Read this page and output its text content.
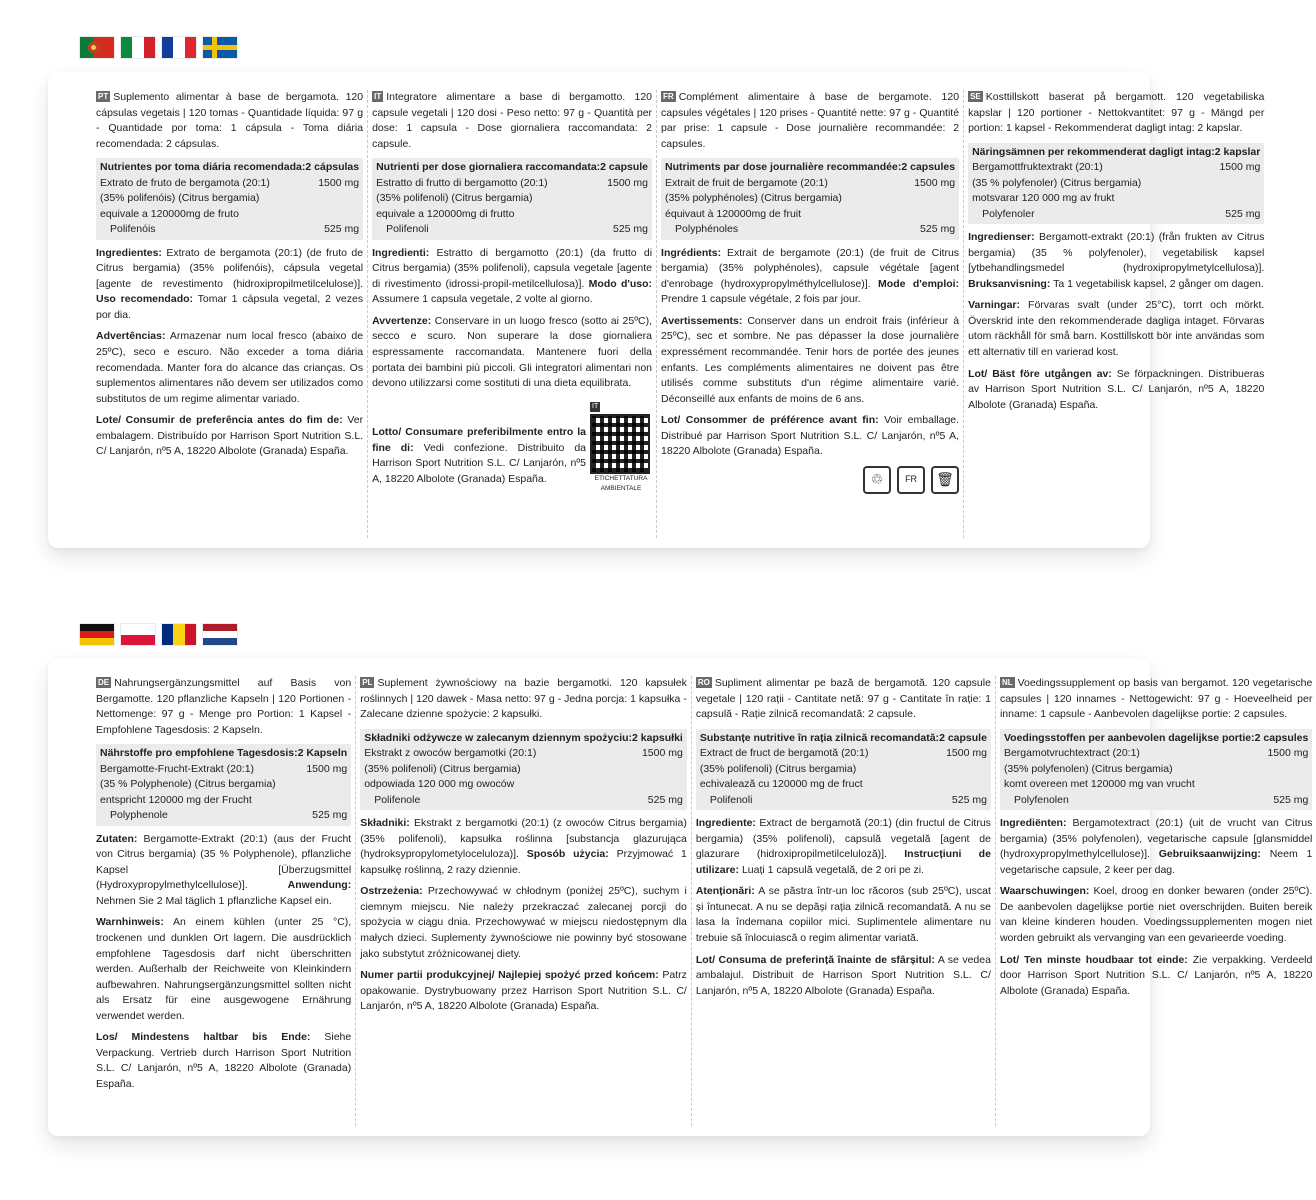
PT Suplemento alimentar à base de bergamota. 120 cápsulas vegetais | 120 tomas - Quantidade líquida: 97 g - Quantidade por toma: 1 cápsula - Toma diária recomendada: 2 cápsulas.
Nutrientes por toma diária recomendada: 2 cápsulas
Extrato de fruto de bergamota (20:1)	1500 mg
(35% polifenóis) (Citrus bergamia)
equivale a 120000mg de fruto
Polifenóis	525 mg
Ingredientes: Extrato de bergamota (20:1) (de fruto de Citrus bergamia) (35% polifenóis), cápsula vegetal [agente de revestimento (hidroxipropilmetilcelulose)]. Uso recomendado: Tomar 1 cápsula vegetal, 2 vezes por dia.
Advertências: Armazenar num local fresco (abaixo de 25ºC), seco e escuro. Não exceder a toma diária recomendada. Manter fora do alcance das crianças. Os suplementos alimentares não devem ser utilizados como substitutos de um regime alimentar variado.
Lote/ Consumir de preferência antes do fim de: Ver embalagem. Distribuído por Harrison Sport Nutrition S.L. C/ Lanjarón, nº5 A, 18220 Albolote (Granada) España.
IT Integratore alimentare a base di bergamotto. 120 capsule vegetali | 120 dosi - Peso netto: 97 g - Quantità per dose: 1 capsula - Dose giornaliera raccomandata: 2 capsule.
Nutrienti per dose giornaliera raccomandata: 2 capsule
Estratto di frutto di bergamotto (20:1)	1500 mg
(35% polifenoli) (Citrus bergamia)
equivale a 120000mg di frutto
Polifenoli	525 mg
Ingredienti: Estratto di bergamotto (20:1) (da frutto di Citrus bergamia) (35% polifenoli), capsula vegetale [agente di rivestimento (idrossi-propil-metilcellulosa)]. Modo d'uso: Assumere 1 capsula vegetale, 2 volte al giorno.
Avvertenze: Conservare in un luogo fresco (sotto ai 25ºC), secco e scuro. Non superare la dose giornaliera espressamente raccomandata. Mantenere fuori della portata dei bambini più piccoli. Gli integratori alimentari non devono utilizzarsi come sostituti di una dieta equilibrata.
Lotto/ Consumare preferibilmente entro la fine di: Vedi confezione. Distribuito da Harrison Sport Nutrition S.L. C/ Lanjarón, nº5 A, 18220 Albolote (Granada) España.
IT
ETICHETTATURA AMBIENTALE
FR Complément alimentaire à base de bergamote. 120 capsules végétales | 120 prises - Quantité nette: 97 g - Quantité par prise: 1 capsule - Dose journalière recommandée: 2 capsules.
Nutriments par dose journalière recommandée: 2 capsules
Extrait de fruit de bergamote (20:1)	1500 mg
(35% polyphénoles) (Citrus bergamia)
équivaut à 120000mg de fruit
Polyphénoles	525 mg
Ingrédients: Extrait de bergamote (20:1) (de fruit de Citrus bergamia) (35% polyphénoles), capsule végétale [agent d'enrobage (hydroxypropylméthylcellulose)]. Mode d'emploi: Prendre 1 capsule végétale, 2 fois par jour.
Avertissements: Conserver dans un endroit frais (inférieur à 25ºC), sec et sombre. Ne pas dépasser la dose journalière expressément recommandée. Tenir hors de portée des jeunes enfants. Les compléments alimentaires ne doivent pas être utilisés comme substituts d'un régime alimentaire varié. Déconseillé aux enfants de moins de 6 ans.
Lot/ Consommer de préférence avant fin: Voir emballage. Distribué par Harrison Sport Nutrition S.L. C/ Lanjarón, nº5 A, 18220 Albolote (Granada) España.
♲	FR	🗑
SE Kosttillskott baserat på bergamott. 120 vegetabiliska kapslar | 120 portioner - Nettokvantitet: 97 g - Mängd per portion: 1 kapsel - Rekommenderat dagligt intag: 2 kapslar.
Näringsämnen per rekommenderat dagligt intag: 2 kapslar
Bergamottfruktextrakt (20:1)	1500 mg
(35 % polyfenoler) (Citrus bergamia)
motsvarar 120 000 mg av frukt
Polyfenoler	525 mg
Ingredienser: Bergamott-extrakt (20:1) (från frukten av Citrus bergamia) (35 % polyfenoler), vegetabilisk kapsel [ytbehandlingsmedel (hydroxipropylmetylcellulosa)]. Bruksanvisning: Ta 1 vegetabilisk kapsel, 2 gånger om dagen.
Varningar: Förvaras svalt (under 25°C), torrt och mörkt. Överskrid inte den rekommenderade dagliga intaget. Förvaras utom räckhåll för små barn. Kosttillskott bör inte användas som ett alternativ till en varierad kost.
Lot/ Bäst före utgången av: Se förpackningen. Distribueras av Harrison Sport Nutrition S.L. C/ Lanjarón, nº5 A, 18220 Albolote (Granada) España.
DE Nahrungsergänzungsmittel auf Basis von Bergamotte. 120 pflanzliche Kapseln | 120 Portionen - Nettomenge: 97 g - Menge pro Portion: 1 Kapsel - Empfohlene Tagesdosis: 2 Kapseln.
Nährstoffe pro empfohlene Tagesdosis: 2 Kapseln
Bergamotte-Frucht-Extrakt (20:1)	1500 mg
(35 % Polyphenole) (Citrus bergamia)
entspricht 120000 mg der Frucht
Polyphenole	525 mg
Zutaten: Bergamotte-Extrakt (20:1) (aus der Frucht von Citrus bergamia) (35 % Polyphenole), pflanzliche Kapsel [Überzugsmittel (Hydroxypropylmethylcellulose)].	Anwendung: Nehmen Sie 2 Mal täglich 1 pflanzliche Kapsel ein.
Warnhinweis: An einem kühlen (unter 25 °C), trockenen und dunklen Ort lagern. Die ausdrücklich empfohlene Tagesdosis darf nicht überschritten werden. Außerhalb der Reichweite von Kleinkindern aufbewahren. Nahrungsergänzungsmittel sollten nicht als Ersatz für eine ausgewogene Ernährung verwendet werden.
Los/ Mindestens haltbar bis Ende: Siehe Verpackung. Vertrieb durch Harrison Sport Nutrition S.L. C/ Lanjarón, nº5 A, 18220 Albolote (Granada) España.
PL Suplement żywnościowy na bazie bergamotki. 120 kapsułek roślinnych | 120 dawek - Masa netto: 97 g - Jedna porcja: 1 kapsułka - Zalecane dzienne spożycie: 2 kapsułki.
Składniki odżywcze w zalecanym dziennym spożyciu: 2 kapsułki
Ekstrakt z owoców bergamotki (20:1)	1500 mg
(35% polifenoli) (Citrus bergamia)
odpowiada 120 000 mg owoców
Polifenole	525 mg
Składniki: Ekstrakt z bergamotki (20:1) (z owoców Citrus bergamia) (35% polifenoli), kapsułka roślinna [substancja glazurująca (hydroksypropylometyloceluloza)]. Sposób użycia: Przyjmować 1 kapsułkę roślinną, 2 razy dziennie.
Ostrzeżenia: Przechowywać w chłodnym (poniżej 25ºC), suchym i ciemnym miejscu. Nie należy przekraczać zalecanej porcji do spożycia w ciągu dnia. Przechowywać w miejscu niedostępnym dla małych dzieci. Suplementy żywnościowe nie powinny być stosowane jako substytut zróżnicowanej diety.
Numer partii produkcyjnej/ Najlepiej spożyć przed końcem: Patrz opakowanie. Dystrybuowany przez Harrison Sport Nutrition S.L. C/ Lanjarón, nº5 A, 18220 Albolote (Granada) España.
RO Supliment alimentar pe bază de bergamotă. 120 capsule vegetale | 120 rații - Cantitate netă: 97 g - Cantitate în rație: 1 capsulă - Rație zilnică recomandată: 2 capsule.
Substanțe nutritive în rația zilnică recomandată: 2 capsule
Extract de fruct de bergamotă (20:1)	1500 mg
(35% polifenoli) (Citrus bergamia)
echivalează cu 120000 mg de fruct
Polifenoli	525 mg
Ingrediente: Extract de bergamotă (20:1) (din fructul de Citrus bergamia) (35% polifenoli), capsulă vegetală [agent de glazurare (hidroxipropilmetilceluloză)]. Instrucțiuni de utilizare: Luați 1 capsulă vegetală, de 2 ori pe zi.
Atenționări: A se păstra într-un loc răcoros (sub 25ºC), uscat și întunecat. A nu se depăși rația zilnică recomandată. A nu se lasa la îndemana copiilor mici. Suplimentele alimentare nu trebuie să înlocuiască o regim alimentar variată.
Lot/ Consuma de preferință înainte de sfârșitul: A se vedea ambalajul. Distribuit de Harrison Sport Nutrition S.L. C/ Lanjarón, nº5 A, 18220 Albolote (Granada) España.
NL Voedingssupplement op basis van bergamot. 120 vegetarische capsules | 120 innames - Nettogewicht: 97 g - Hoeveelheid per inname: 1 capsule - Aanbevolen dagelijkse portie: 2 capsules.
Voedingsstoffen per aanbevolen dagelijkse portie: 2 capsules
Bergamotvruchtextract (20:1)	1500 mg
(35% polyfenolen) (Citrus bergamia)
komt overeen met 120000 mg van vrucht
Polyfenolen	525 mg
Ingrediënten: Bergamotextract (20:1) (uit de vrucht van Citrus bergamia) (35% polyfenolen), vegetarische capsule [glansmiddel (hydroxypropylmethylcellulose)]. Gebruiksaanwijzing: Neem 1 vegetarische capsule, 2 keer per dag.
Waarschuwingen: Koel, droog en donker bewaren (onder 25ºC). De aanbevolen dagelijkse portie niet overschrijden. Buiten bereik van kleine kinderen houden. Voedingssupplementen mogen niet worden gebruikt als vervanging van een gevarieerde voeding.
Lot/ Ten minste houdbaar tot einde: Zie verpakking. Verdeeld door Harrison Sport Nutrition S.L. C/ Lanjarón, nº5 A, 18220 Albolote (Granada) España.
